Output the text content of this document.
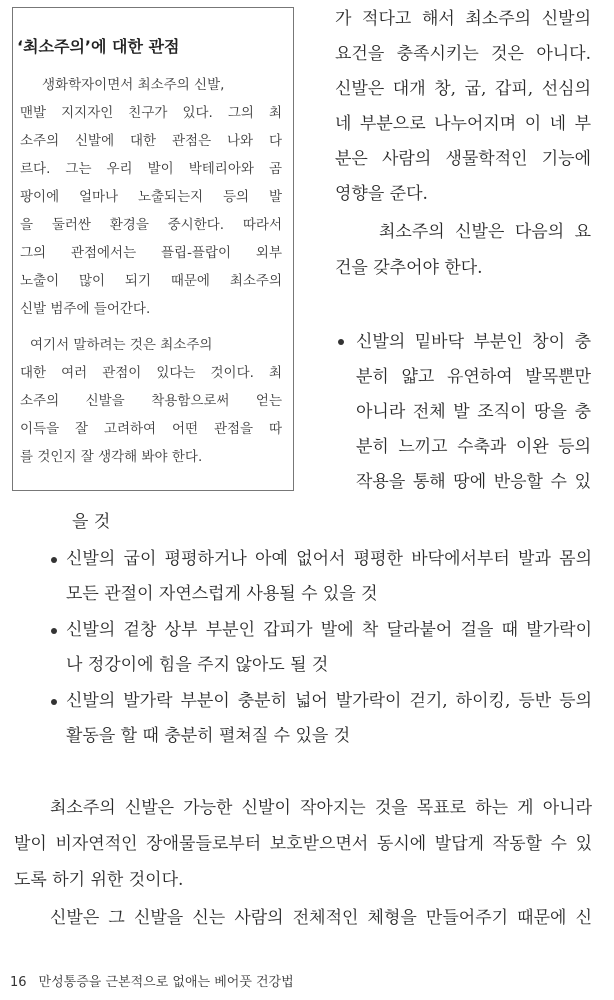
‘최소주의’에 대한 관점
생화학자이면서 최소주의 신발,
맨발 지지자인 친구가 있다. 그의 최
소주의 신발에 대한 관점은 나와 다
르다. 그는 우리 발이 박테리아와 곰
팡이에 얼마나 노출되는지 등의 발
을 둘러싼 환경을 중시한다. 따라서
그의 관점에서는 플립-플랍이 외부
노출이 많이 되기 때문에 최소주의
신발 범주에 들어간다.
여기서 말하려는 것은 최소주의
대한 여러 관점이 있다는 것이다. 최
소주의 신발을 착용함으로써 얻는
이득을 잘 고려하여 어떤 관점을 따
를 것인지 잘 생각해 봐야 한다.
가 적다고 해서 최소주의 신발의
요건을 충족시키는 것은 아니다.
신발은 대개 창, 굽, 갑피, 선심의
네 부분으로 나누어지며 이 네 부
분은 사람의 생물학적인 기능에
영향을 준다.
최소주의 신발은 다음의 요
건을 갖추어야 한다.
신발의 밑바닥 부분인 창이 충
분히 얇고 유연하여 발목뿐만
아니라 전체 발 조직이 땅을 충
분히 느끼고 수축과 이완 등의
작용을 통해 땅에 반응할 수 있
을 것
신발의 굽이 평평하거나 아예 없어서 평평한 바닥에서부터 발과 몸의
모든 관절이 자연스럽게 사용될 수 있을 것
신발의 겉창 상부 부분인 갑피가 발에 착 달라붙어 걸을 때 발가락이
나 정강이에 힘을 주지 않아도 될 것
신발의 발가락 부분이 충분히 넓어 발가락이 걷기, 하이킹, 등반 등의
활동을 할 때 충분히 펼쳐질 수 있을 것
최소주의 신발은 가능한 신발이 작아지는 것을 목표로 하는 게 아니라
발이 비자연적인 장애물들로부터 보호받으면서 동시에 발답게 작동할 수 있
도록 하기 위한 것이다.
신발은 그 신발을 신는 사람의 전체적인 체형을 만들어주기 때문에 신
16 만성통증을 근본적으로 없애는 베어풋 건강법
